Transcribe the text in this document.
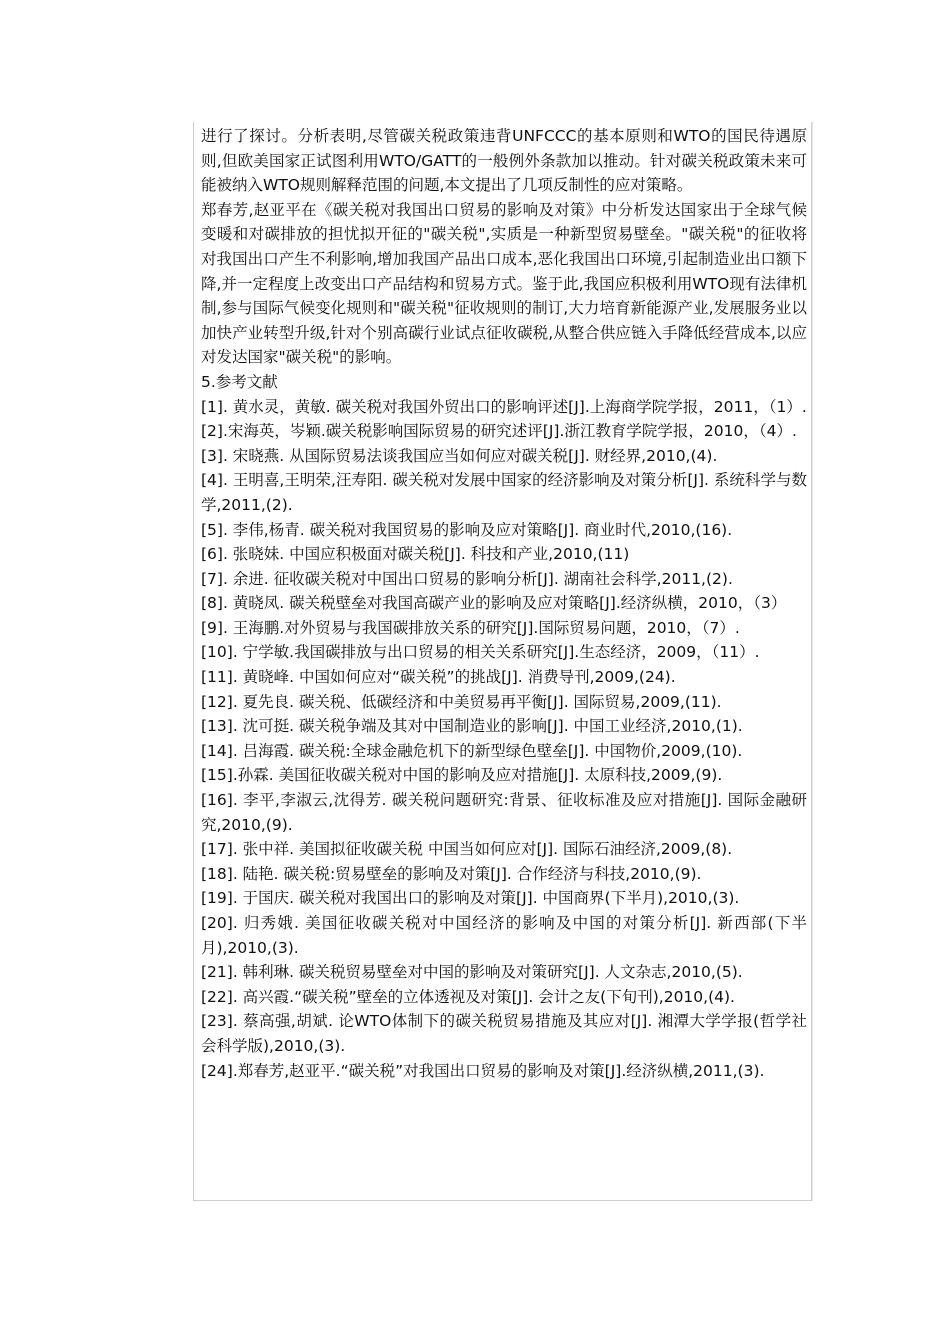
进行了探讨。分析表明,尽管碳关税政策违背UNFCCC的基本原则和WTO的国民待遇原则,但欧美国家正试图利用WTO/GATT的一般例外条款加以推动。针对碳关税政策未来可能被纳入WTO规则解释范围的问题,本文提出了几项反制性的应对策略。

郑春芳,赵亚平在《碳关税对我国出口贸易的影响及对策》中分析发达国家出于全球气候变暖和对碳排放的担忧拟开征的"碳关税",实质是一种新型贸易壁垒。"碳关税"的征收将对我国出口产生不利影响,增加我国产品出口成本,恶化我国出口环境,引起制造业出口额下降,并一定程度上改变出口产品结构和贸易方式。鉴于此,我国应积极利用WTO现有法律机制,参与国际气候变化规则和"碳关税"征收规则的制订,大力培育新能源产业,发展服务业以加快产业转型升级,针对个别高碳行业试点征收碳税,从整合供应链入手降低经营成本,以应对发达国家"碳关税"的影响。

5.参考文献

[1]. 黄水灵，黄敏. 碳关税对我国外贸出口的影响评述[J].上海商学院学报，2011，（1）.

[2].宋海英，岑颖.碳关税影响国际贸易的研究述评[J].浙江教育学院学报，2010，（4）.

[3]. 宋晓燕. 从国际贸易法谈我国应当如何应对碳关税[J]. 财经界,2010,(4).

[4]. 王明喜,王明荣,汪寿阳. 碳关税对发展中国家的经济影响及对策分析[J]. 系统科学与数学,2011,(2).

[5]. 李伟,杨青. 碳关税对我国贸易的影响及应对策略[J]. 商业时代,2010,(16).

[6]. 张晓妹. 中国应积极面对碳关税[J]. 科技和产业,2010,(11)

[7]. 余进. 征收碳关税对中国出口贸易的影响分析[J]. 湖南社会科学,2011,(2).

[8]. 黄晓凤. 碳关税壁垒对我国高碳产业的影响及应对策略[J].经济纵横，2010，（3）

[9]. 王海鹏.对外贸易与我国碳排放关系的研究[J].国际贸易问题，2010，（7）.

[10]. 宁学敏.我国碳排放与出口贸易的相关关系研究[J].生态经济，2009，（11）.

[11]. 黄晓峰. 中国如何应对“碳关税”的挑战[J]. 消费导刊,2009,(24).

[12]. 夏先良. 碳关税、低碳经济和中美贸易再平衡[J]. 国际贸易,2009,(11).

[13]. 沈可挺. 碳关税争端及其对中国制造业的影响[J]. 中国工业经济,2010,(1).

[14]. 吕海霞. 碳关税:全球金融危机下的新型绿色壁垒[J]. 中国物价,2009,(10).

[15].孙霖. 美国征收碳关税对中国的影响及应对措施[J]. 太原科技,2009,(9).

[16]. 李平,李淑云,沈得芳. 碳关税问题研究:背景、征收标准及应对措施[J]. 国际金融研究,2010,(9).

[17]. 张中祥. 美国拟征收碳关税 中国当如何应对[J]. 国际石油经济,2009,(8).

[18]. 陆艳. 碳关税:贸易壁垒的影响及对策[J]. 合作经济与科技,2010,(9).

[19]. 于国庆. 碳关税对我国出口的影响及对策[J]. 中国商界(下半月),2010,(3).

[20]. 归秀娥. 美国征收碳关税对中国经济的影响及中国的对策分析[J]. 新西部(下半月),2010,(3).

[21]. 韩利琳. 碳关税贸易壁垒对中国的影响及对策研究[J]. 人文杂志,2010,(5).

[22]. 高兴霞.“碳关税”壁垒的立体透视及对策[J]. 会计之友(下旬刊),2010,(4).

[23]. 蔡高强,胡斌. 论WTO体制下的碳关税贸易措施及其应对[J]. 湘潭大学学报(哲学社会科学版),2010,(3).

[24].郑春芳,赵亚平.“碳关税”对我国出口贸易的影响及对策[J].经济纵横,2011,(3).
